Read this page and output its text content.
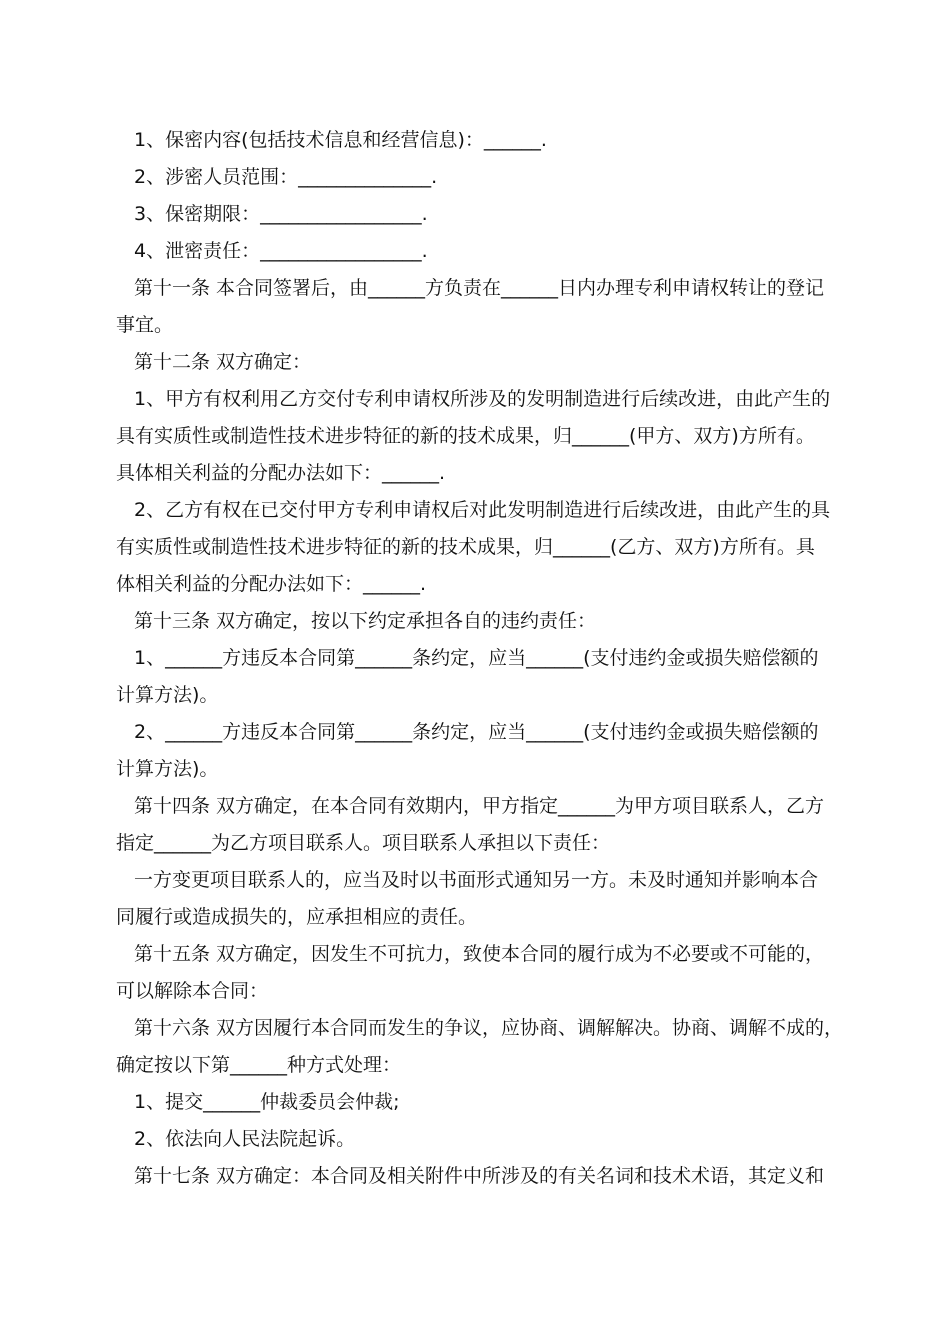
1、保密内容(包括技术信息和经营信息)：______.
2、涉密人员范围：______________.
3、保密期限：_________________.
4、泄密责任：_________________.
第十一条 本合同签署后，由______方负责在______日内办理专利申请权转让的登记
事宜。
第十二条 双方确定：
1、甲方有权利用乙方交付专利申请权所涉及的发明制造进行后续改进，由此产生的
具有实质性或制造性技术进步特征的新的技术成果，归______(甲方、双方)方所有。
具体相关利益的分配办法如下：______.
2、乙方有权在已交付甲方专利申请权后对此发明制造进行后续改进，由此产生的具
有实质性或制造性技术进步特征的新的技术成果，归______(乙方、双方)方所有。具
体相关利益的分配办法如下：______.
第十三条 双方确定，按以下约定承担各自的违约责任：
1、______方违反本合同第______条约定，应当______(支付违约金或损失赔偿额的
计算方法)。
2、______方违反本合同第______条约定，应当______(支付违约金或损失赔偿额的
计算方法)。
第十四条 双方确定，在本合同有效期内，甲方指定______为甲方项目联系人，乙方
指定______为乙方项目联系人。项目联系人承担以下责任：
一方变更项目联系人的，应当及时以书面形式通知另一方。未及时通知并影响本合
同履行或造成损失的，应承担相应的责任。
第十五条 双方确定，因发生不可抗力，致使本合同的履行成为不必要或不可能的，
可以解除本合同：
第十六条 双方因履行本合同而发生的争议，应协商、调解解决。协商、调解不成的，
确定按以下第______种方式处理：
1、提交______仲裁委员会仲裁;
2、依法向人民法院起诉。
第十七条 双方确定：本合同及相关附件中所涉及的有关名词和技术术语，其定义和
